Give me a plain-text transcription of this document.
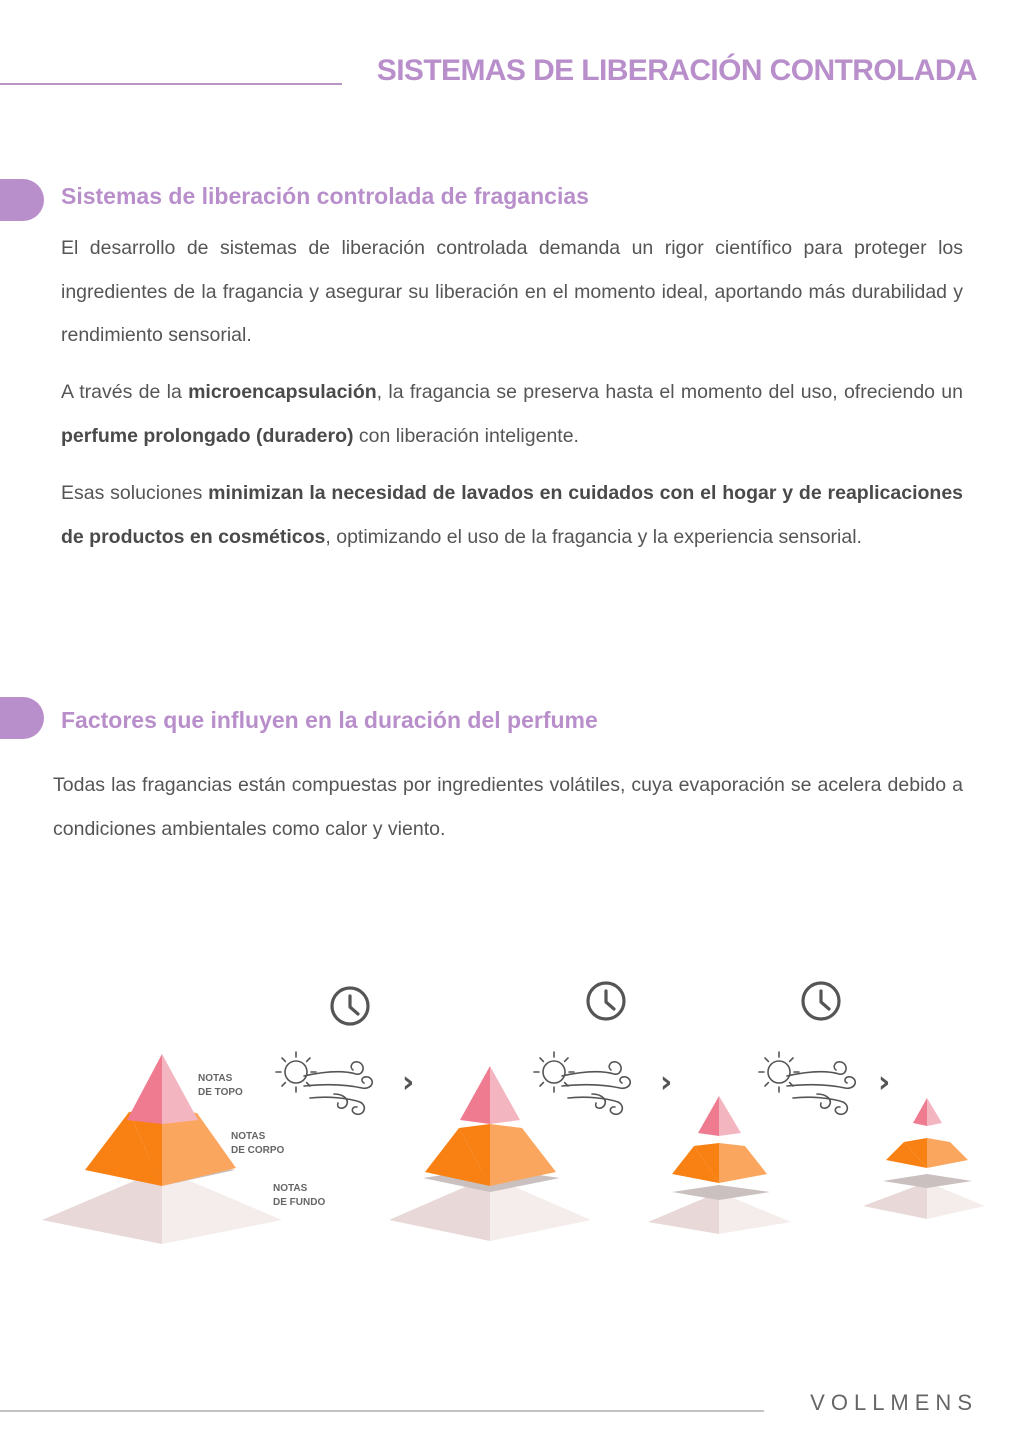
SISTEMAS DE LIBERACIÓN CONTROLADA
Sistemas de liberación controlada de fragancias

El desarrollo de sistemas de liberación controlada demanda un rigor científico para proteger los ingredientes de la fragancia y asegurar su liberación en el momento ideal, aportando más durabilidad y rendimiento sensorial.

A través de la microencapsulación, la fragancia se preserva hasta el momento del uso, ofreciendo un perfume prolongado (duradero) con liberación inteligente.

Esas soluciones minimizan la necesidad de lavados en cuidados con el hogar y de reaplicaciones de productos en cosméticos, optimizando el uso de la fragancia y la experiencia sensorial.

Factores que influyen en la duración del perfume

Todas las fragancias están compuestas por ingredientes volátiles, cuya evaporación se acelera debido a condiciones ambientales como calor y viento.

NOTAS
DE TOPO
NOTAS
DE CORPO
NOTAS
DE FUNDO
›	›	›
VOLLMENS
